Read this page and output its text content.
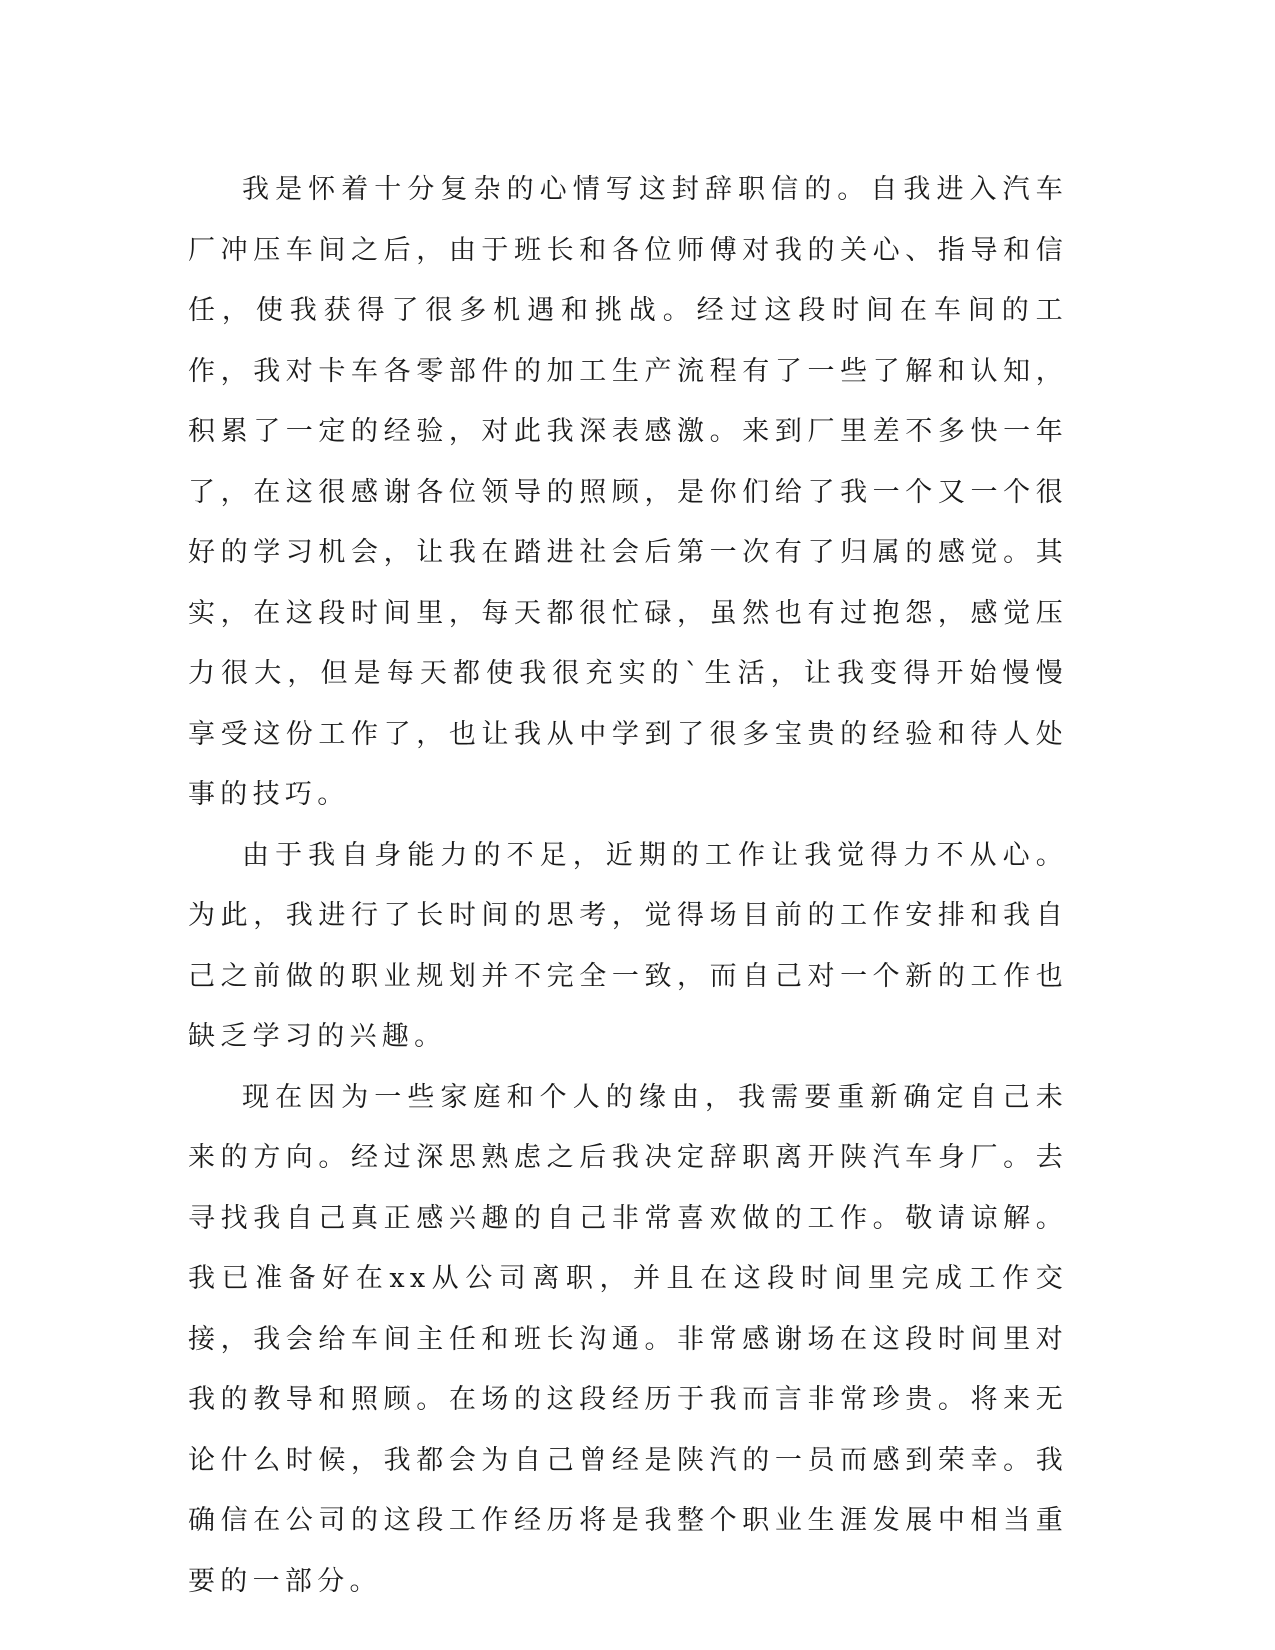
我是怀着十分复杂的心情写这封辞职信的。自我进入汽车厂冲压车间之后，由于班长和各位师傅对我的关心、指导和信任，使我获得了很多机遇和挑战。经过这段时间在车间的工作，我对卡车各零部件的加工生产流程有了一些了解和认知，积累了一定的经验，对此我深表感激。来到厂里差不多快一年了，在这很感谢各位领导的照顾，是你们给了我一个又一个很好的学习机会，让我在踏进社会后第一次有了归属的感觉。其实，在这段时间里，每天都很忙碌，虽然也有过抱怨，感觉压力很大，但是每天都使我很充实的`生活，让我变得开始慢慢享受这份工作了，也让我从中学到了很多宝贵的经验和待人处事的技巧。

由于我自身能力的不足，近期的工作让我觉得力不从心。为此，我进行了长时间的思考，觉得场目前的工作安排和我自己之前做的职业规划并不完全一致，而自己对一个新的工作也缺乏学习的兴趣。

现在因为一些家庭和个人的缘由，我需要重新确定自己未来的方向。经过深思熟虑之后我决定辞职离开陕汽车身厂。去寻找我自己真正感兴趣的自己非常喜欢做的工作。敬请谅解。我已准备好在xx从公司离职，并且在这段时间里完成工作交接，我会给车间主任和班长沟通。非常感谢场在这段时间里对我的教导和照顾。在场的这段经历于我而言非常珍贵。将来无论什么时候，我都会为自己曾经是陕汽的一员而感到荣幸。我确信在公司的这段工作经历将是我整个职业生涯发展中相当重要的一部分。
